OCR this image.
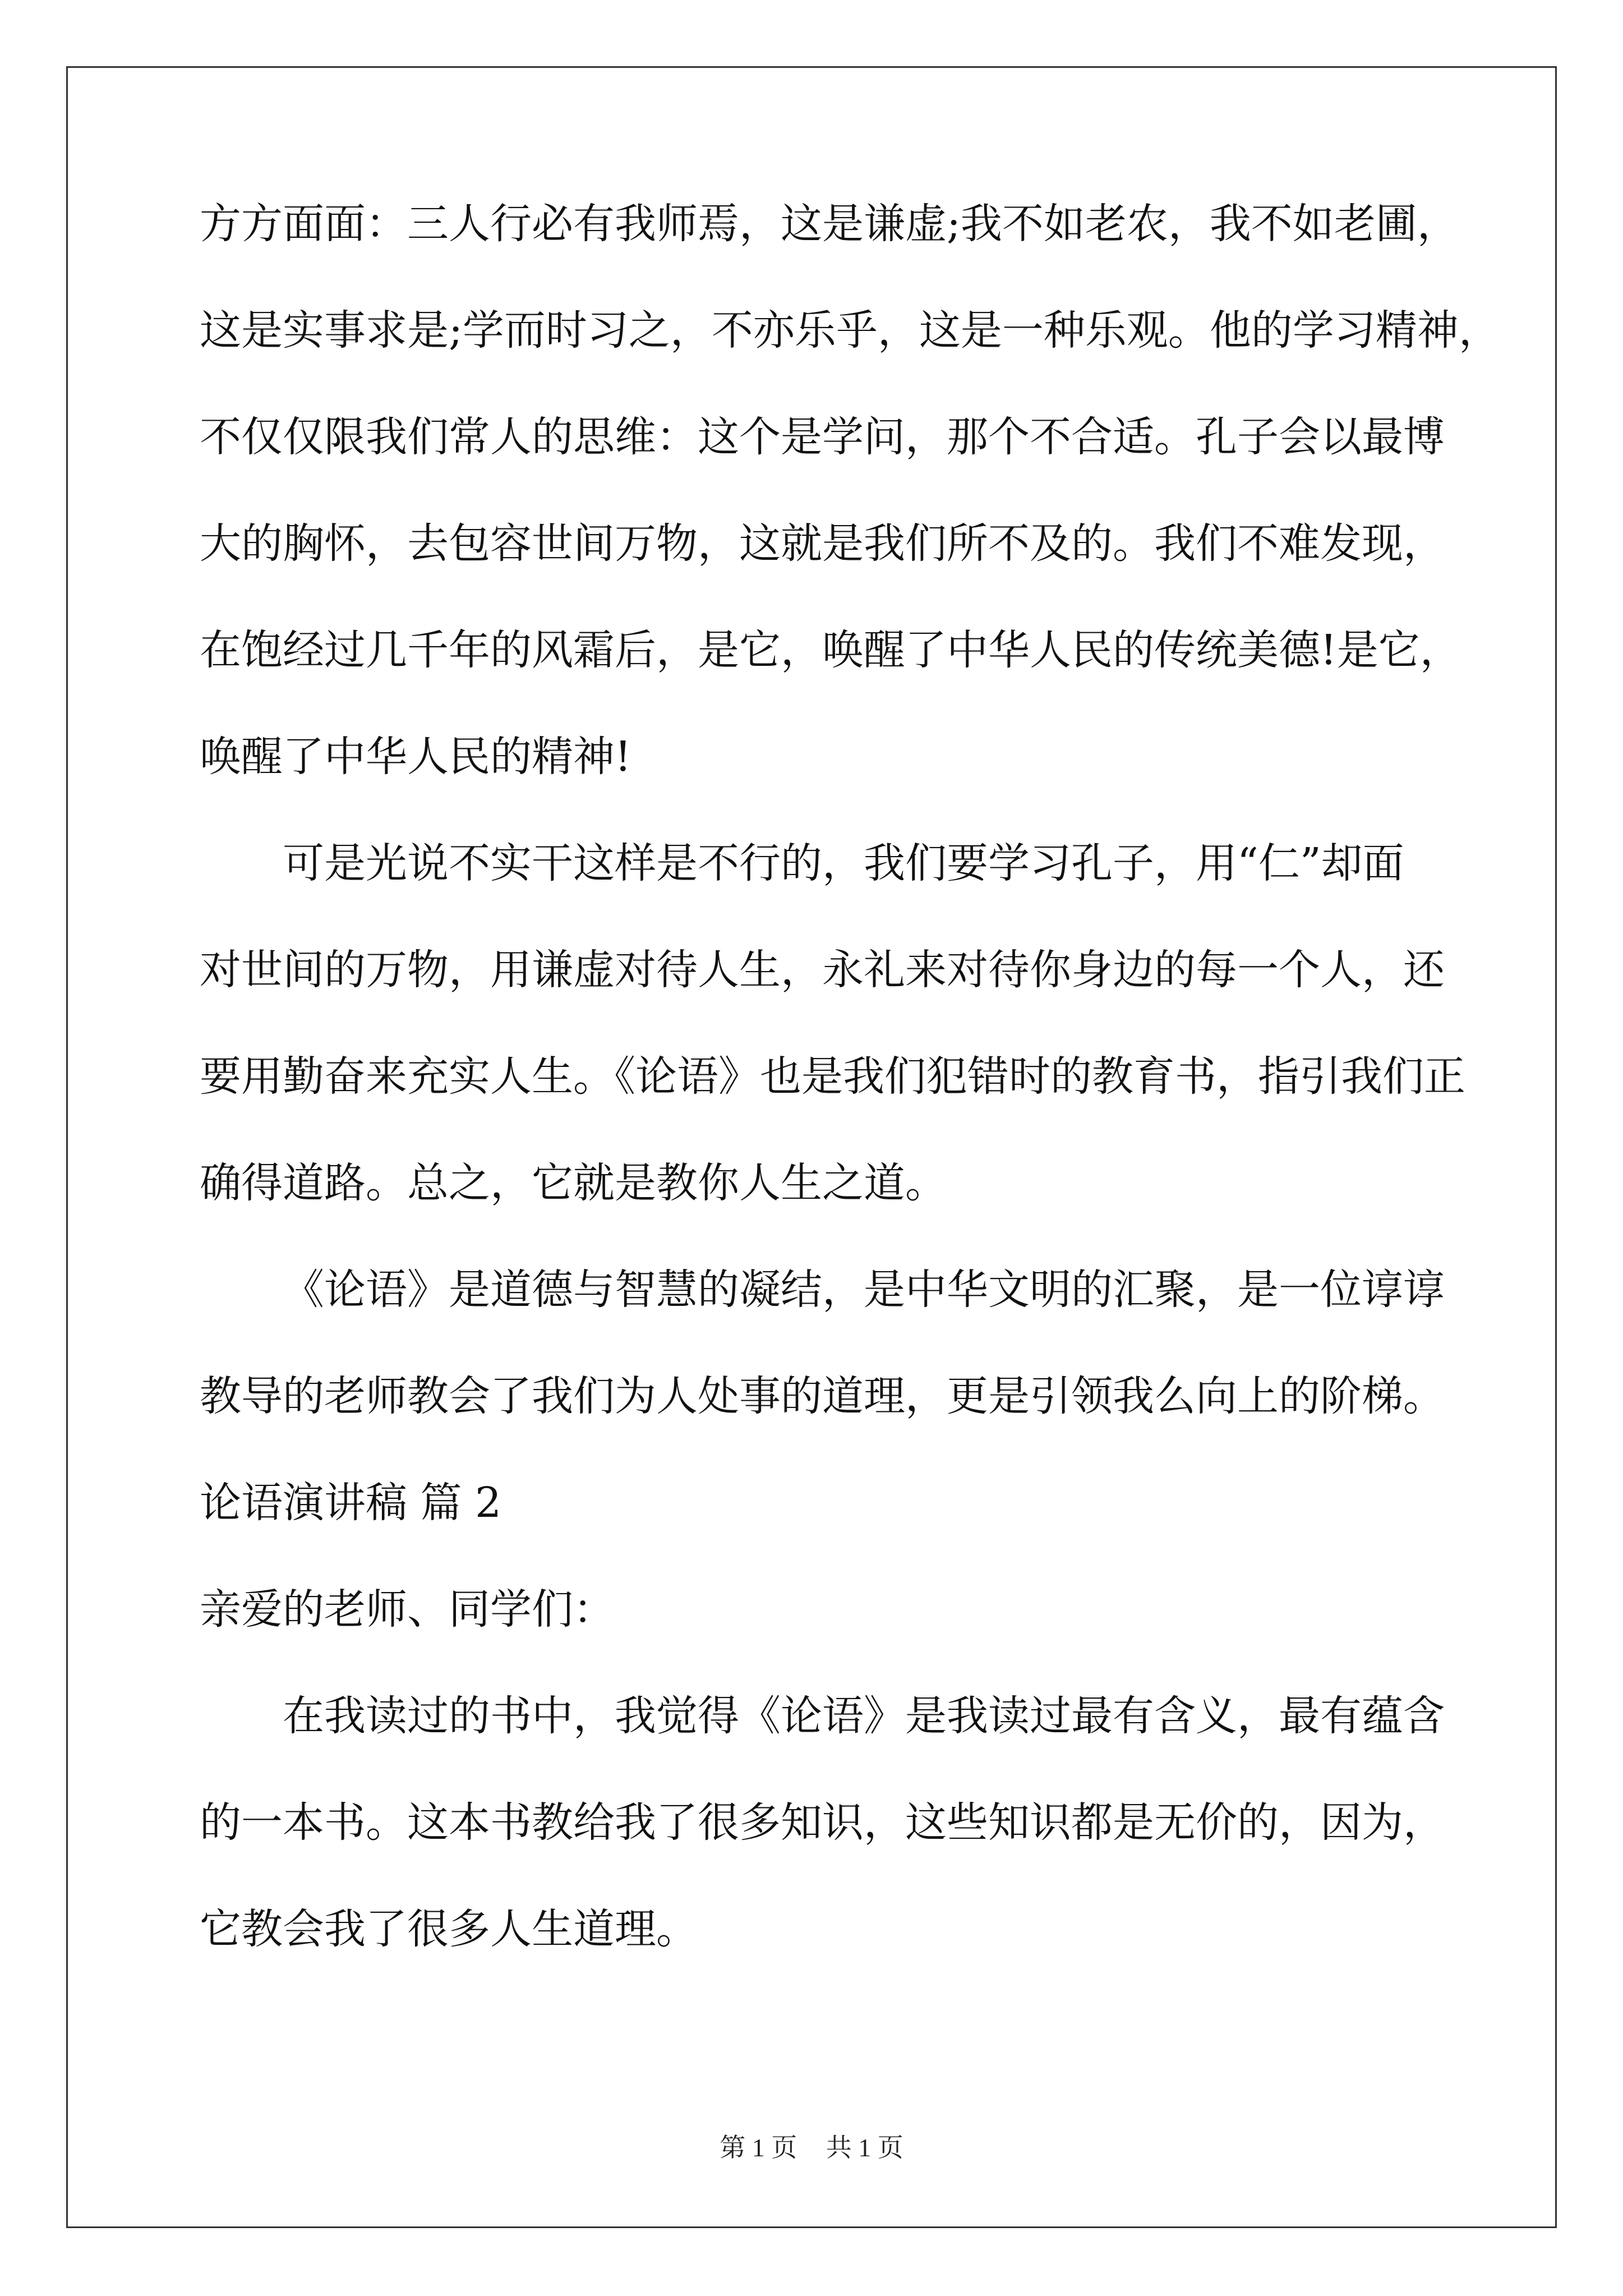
方方面面：三人行必有我师焉，这是谦虚;我不如老农，我不如老圃，
这是实事求是;学而时习之，不亦乐乎，这是一种乐观。他的学习精神，
不仅仅限我们常人的思维：这个是学问，那个不合适。孔子会以最博
大的胸怀，去包容世间万物，这就是我们所不及的。我们不难发现，
在饱经过几千年的风霜后，是它，唤醒了中华人民的传统美德!是它，
唤醒了中华人民的精神!
可是光说不实干这样是不行的，我们要学习孔子，用“仁”却面
对世间的万物，用谦虚对待人生，永礼来对待你身边的每一个人，还
要用勤奋来充实人生。《论语》也是我们犯错时的教育书，指引我们正
确得道路。总之，它就是教你人生之道。
《论语》是道德与智慧的凝结，是中华文明的汇聚，是一位谆谆
教导的老师教会了我们为人处事的道理，更是引领我么向上的阶梯。
论语演讲稿 篇 2
亲爱的老师、同学们：
在我读过的书中，我觉得《论语》是我读过最有含义，最有蕴含
的一本书。这本书教给我了很多知识，这些知识都是无价的，因为，
它教会我了很多人生道理。
第 1 页 共 1 页
